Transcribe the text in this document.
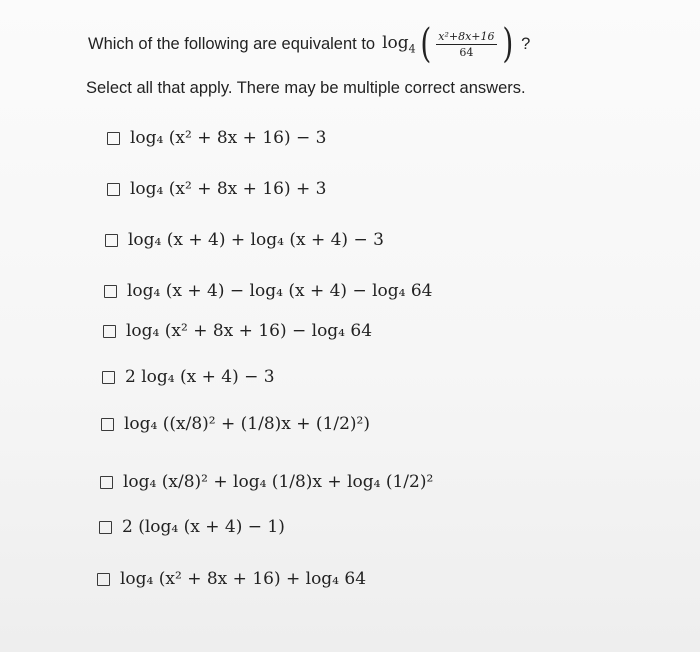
Which of the following are equivalent to $\log_4$ ( $\frac{\text{x²+8x+16}}{64}$ ) ?
Select all that apply. There may be multiple correct answers.
log₄ (x² + 8x + 16) − 3
log₄ (x² + 8x + 16) + 3
log₄ (x + 4) + log₄ (x + 4) − 3
log₄ (x + 4) − log₄ (x + 4) − log₄ 64
log₄ (x² + 8x + 16) − log₄ 64
2 log₄ (x + 4) − 3
log₄ ((x/8)² + (1/8)x + (1/2)²)
log₄ (x/8)² + log₄ (1/8)x + log₄ (1/2)²
2 (log₄ (x + 4) − 1)
log₄ (x² + 8x + 16) + log₄ 64
